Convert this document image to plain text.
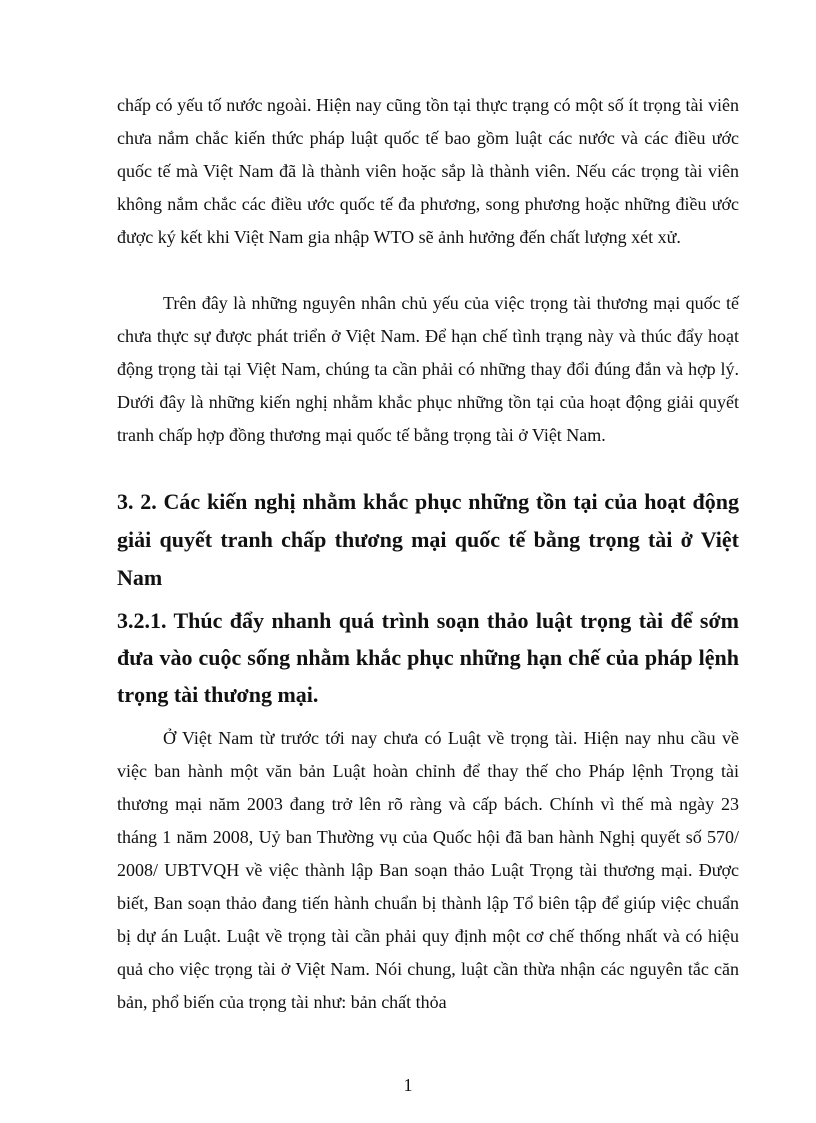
chấp có yếu tố nước ngoài. Hiện nay cũng tồn tại thực trạng có một số ít trọng tài viên chưa nắm chắc kiến thức pháp luật quốc tế bao gồm luật các nước và các điều ước quốc tế mà Việt Nam đã là thành viên hoặc sắp là thành viên. Nếu các trọng tài viên không nắm chắc các điều ước quốc tế đa phương, song phương hoặc những điều ước được ký kết khi Việt Nam gia nhập WTO sẽ ảnh hưởng đến chất lượng xét xử.

Trên đây là những nguyên nhân chủ yếu của việc trọng tài thương mại quốc tế chưa thực sự được phát triển ở Việt Nam. Để hạn chế tình trạng này và thúc đẩy hoạt động trọng tài tại Việt Nam, chúng ta cần phải có những thay đổi đúng đắn và hợp lý. Dưới đây là những kiến nghị nhằm khắc phục những tồn tại của hoạt động giải quyết tranh chấp hợp đồng thương mại quốc tế bằng trọng tài ở Việt Nam.

3. 2. Các kiến nghị nhằm khắc phục những tồn tại của hoạt động giải quyết tranh chấp thương mại quốc tế bằng trọng tài ở Việt Nam
3.2.1. Thúc đẩy nhanh quá trình soạn thảo luật trọng tài để sớm đưa vào cuộc sống nhằm khắc phục những hạn chế của pháp lệnh trọng tài thương mại.

Ở Việt Nam từ trước tới nay chưa có Luật về trọng tài. Hiện nay nhu cầu về việc ban hành một văn bản Luật hoàn chỉnh để thay thế cho Pháp lệnh Trọng tài thương mại năm 2003 đang trở lên rõ ràng và cấp bách. Chính vì thế mà ngày 23 tháng 1 năm 2008, Uỷ ban Thường vụ của Quốc hội đã ban hành Nghị quyết số 570/ 2008/ UBTVQH về việc thành lập Ban soạn thảo Luật Trọng tài thương mại. Được biết, Ban soạn thảo đang tiến hành chuẩn bị thành lập Tổ biên tập để giúp việc chuẩn bị dự án Luật. Luật về trọng tài cần phải quy định một cơ chế thống nhất và có hiệu quả cho việc trọng tài ở Việt Nam. Nói chung, luật cần thừa nhận các nguyên tắc căn bản, phổ biến của trọng tài như: bản chất thỏa

1
